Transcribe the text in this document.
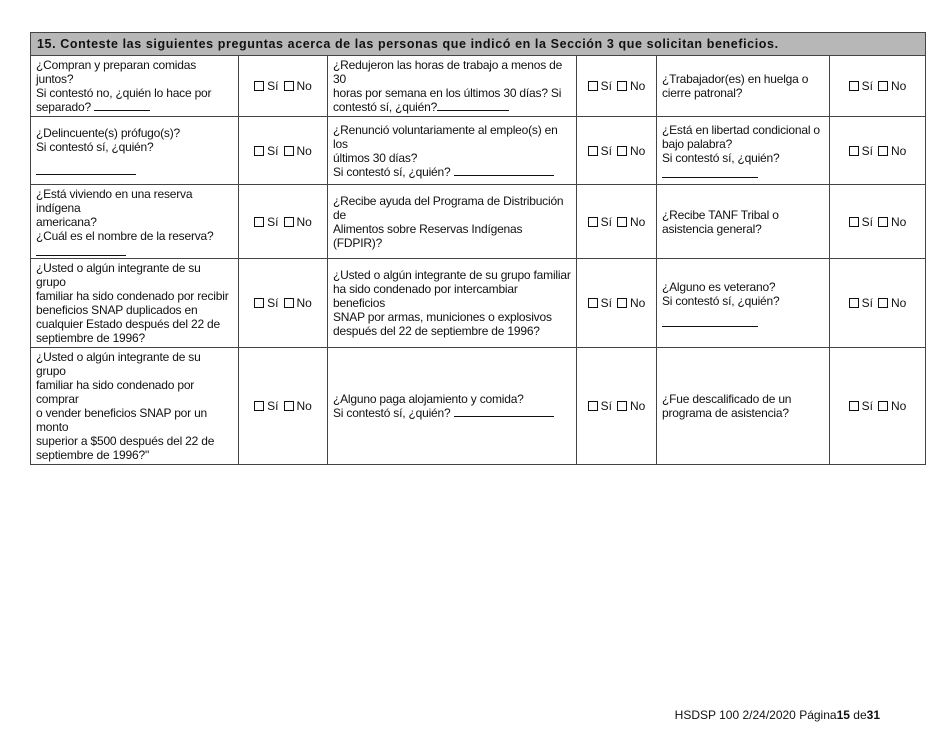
15. Conteste las siguientes preguntas acerca de las personas que indicó en la Sección 3 que solicitan beneficios.					

¿Compran y preparan comidas juntos?
Si contestó no, ¿quién lo hace por
separado?	Sí No	¿Redujeron las horas de trabajo a menos de 30
horas por semana en los últimos 30 días? Si
contestó sí, ¿quién?	Sí No	¿Trabajador(es) en huelga o
cierre patronal?	Sí No

¿Delincuente(s) prófugo(s)?
Si contestó sí, ¿quién?	Sí No	¿Renunció voluntariamente al empleo(s) en los
últimos 30 días?
Si contestó sí, ¿quién?	Sí No	¿Está en libertad condicional o
bajo palabra?
Si contestó sí, ¿quién?	Sí No

¿Está viviendo en una reserva indígena
americana?
¿Cuál es el nombre de la reserva?	Sí No	¿Recibe ayuda del Programa de Distribución de
Alimentos sobre Reservas Indígenas (FDPIR)?	Sí No	¿Recibe TANF Tribal o
asistencia general?	Sí No

¿Usted o algún integrante de su grupo
familiar ha sido condenado por recibir
beneficios SNAP duplicados en
cualquier Estado después del 22 de
septiembre de 1996?	Sí No	¿Usted o algún integrante de su grupo familiar
ha sido condenado por intercambiar beneficios
SNAP por armas, municiones o explosivos
después del 22 de septiembre de 1996?	Sí No	¿Alguno es veterano?
Si contestó sí, ¿quién?	Sí No

¿Usted o algún integrante de su grupo
familiar ha sido condenado por comprar
o vender beneficios SNAP por un monto
superior a $500 después del 22 de
septiembre de 1996?"	Sí No	¿Alguno paga alojamiento y comida?
Si contestó sí, ¿quién?	Sí No	¿Fue descalificado de un
programa de asistencia?	Sí No
HSDSP 100 2/24/2020 Página15 de31
